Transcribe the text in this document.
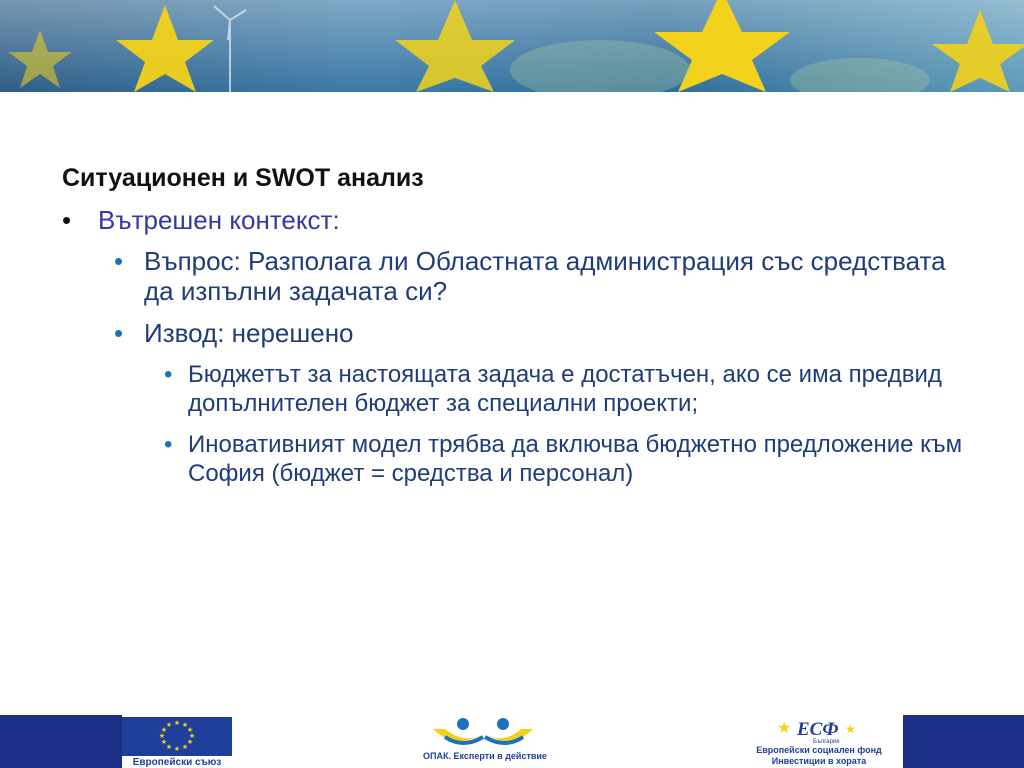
Ситуационен и SWOT анализ
• Вътрешен контекст:
• Въпрос: Разполага ли Областната администрация със средствата да изпълни задачата си?
• Извод: нерешено
• Бюджетът за настоящата задача е достатъчен, ако се има предвид допълнителен бюджет за специални проекти;
• Иновативният модел трябва да включва бюджетно предложение към София (бюджет = средства и персонал)
★ ★
★
★
★
★
★
★
★
★
★
★
Европейски съюз
ОПАК. Експерти в действие
★	★
ЕСФ
България
Европейски социален фонд
Инвестиции в хората
